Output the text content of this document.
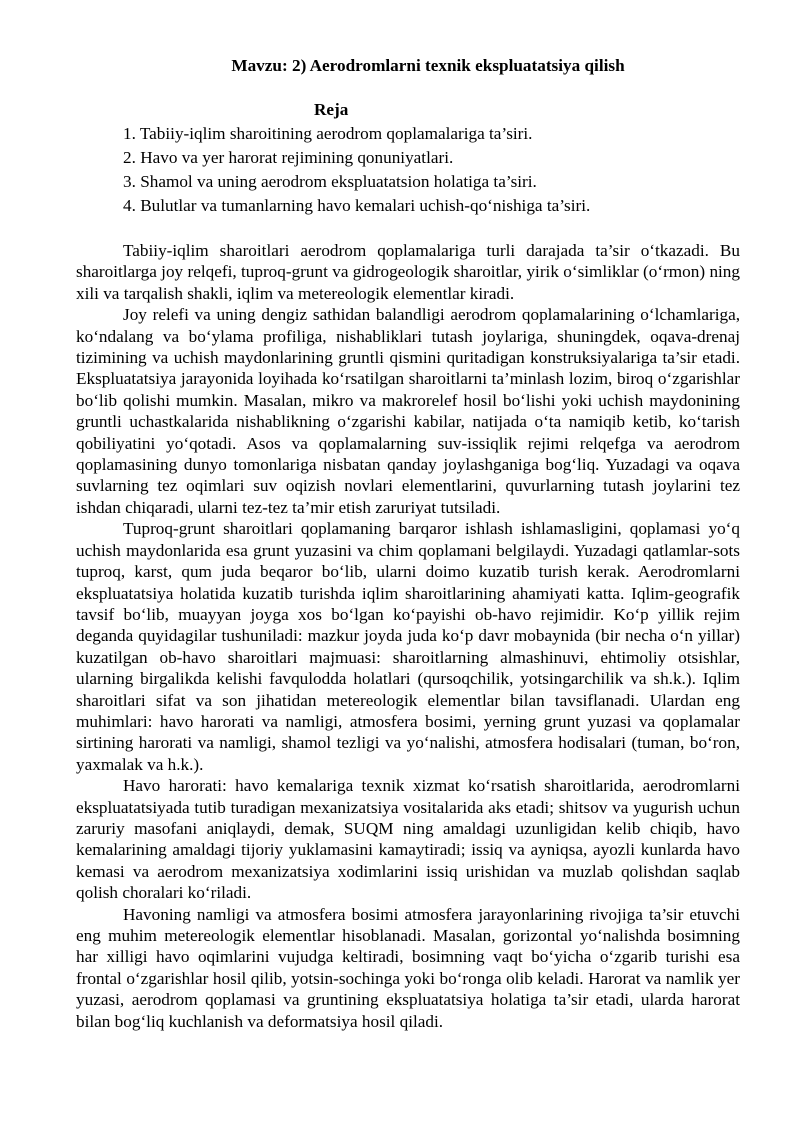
Mavzu: 2) Aerodromlarni texnik ekspluatatsiya qilish
Reja
1. Tabiiy-iqlim sharoitining aerodrom qoplamalariga ta’siri.
2. Havo va yer harorat rejimining qonuniyatlari.
3. Shamol va uning aerodrom ekspluatatsion holatiga ta’siri.
4. Bulutlar va tumanlarning havo kemalari uchish-qo‘nishiga ta’siri.

Tabiiy-iqlim sharoitlari aerodrom qoplamalariga turli darajada ta’sir o‘tkazadi. Bu sharoitlarga joy relqefi, tuproq-grunt va gidrogeologik sharoitlar, yirik o‘simliklar (o‘rmon) ning xili va tarqalish shakli, iqlim va metereologik elementlar kiradi.

Joy relefi va uning dengiz sathidan balandligi aerodrom qoplamalarining o‘lchamlariga, ko‘ndalang va bo‘ylama profiliga, nishabliklari tutash joylariga, shuningdek, oqava-drenaj tizimining va uchish maydonlarining gruntli qismini quritadigan konstruksiyalariga ta’sir etadi. Ekspluatatsiya jarayonida loyihada ko‘rsatilgan sharoitlarni ta’minlash lozim, biroq o‘zgarishlar bo‘lib qolishi mumkin. Masalan, mikro va makrorelef hosil bo‘lishi yoki uchish maydonining gruntli uchastkalarida nishablikning o‘zgarishi kabilar, natijada o‘ta namiqib ketib, ko‘tarish qobiliyatini yo‘qotadi. Asos va qoplamalarning suv-issiqlik rejimi relqefga va aerodrom qoplamasining dunyo tomonlariga nisbatan qanday joylashganiga bog‘liq. Yuzadagi va oqava suvlarning tez oqimlari suv oqizish novlari elementlarini, quvurlarning tutash joylarini tez ishdan chiqaradi, ularni tez-tez ta’mir etish zaruriyat tutsiladi.

Tuproq-grunt sharoitlari qoplamaning barqaror ishlash ishlamasligini, qoplamasi yo‘q uchish maydonlarida esa grunt yuzasini va chim qoplamani belgilaydi. Yuzadagi qatlamlar-sots tuproq, karst, qum juda beqaror bo‘lib, ularni doimo kuzatib turish kerak. Aerodromlarni ekspluatatsiya holatida kuzatib turishda iqlim sharoitlarining ahamiyati katta. Iqlim-geografik tavsif bo‘lib, muayyan joyga xos bo‘lgan ko‘payishi ob-havo rejimidir. Ko‘p yillik rejim deganda quyidagilar tushuniladi: mazkur joyda juda ko‘p davr mobaynida (bir necha o‘n yillar) kuzatilgan ob-havo sharoitlari majmuasi: sharoitlarning almashinuvi, ehtimoliy otsishlar, ularning birgalikda kelishi favqulodda holatlari (qursoqchilik, yotsingarchilik va sh.k.). Iqlim sharoitlari sifat va son jihatidan metereologik elementlar bilan tavsiflanadi. Ulardan eng muhimlari: havo harorati va namligi, atmosfera bosimi, yerning grunt yuzasi va qoplamalar sirtining harorati va namligi, shamol tezligi va yo‘nalishi, atmosfera hodisalari (tuman, bo‘ron, yaxmalak va h.k.).

Havo harorati: havo kemalariga texnik xizmat ko‘rsatish sharoitlarida, aerodromlarni ekspluatatsiyada tutib turadigan mexanizatsiya vositalarida aks etadi; shitsov va yugurish uchun zaruriy masofani aniqlaydi, demak, SUQM ning amaldagi uzunligidan kelib chiqib, havo kemalarining amaldagi tijoriy yuklamasini kamaytiradi; issiq va ayniqsa, ayozli kunlarda havo kemasi va aerodrom mexanizatsiya xodimlarini issiq urishidan va muzlab qolishdan saqlab qolish choralari ko‘riladi.

Havoning namligi va atmosfera bosimi atmosfera jarayonlarining rivojiga ta’sir etuvchi eng muhim metereologik elementlar hisoblanadi. Masalan, gorizontal yo‘nalishda bosimning har xilligi havo oqimlarini vujudga keltiradi, bosimning vaqt bo‘yicha o‘zgarib turishi esa frontal o‘zgarishlar hosil qilib, yotsin-sochinga yoki bo‘ronga olib keladi. Harorat va namlik yer yuzasi, aerodrom qoplamasi va gruntining ekspluatatsiya holatiga ta’sir etadi, ularda harorat bilan bog‘liq kuchlanish va deformatsiya hosil qiladi.
